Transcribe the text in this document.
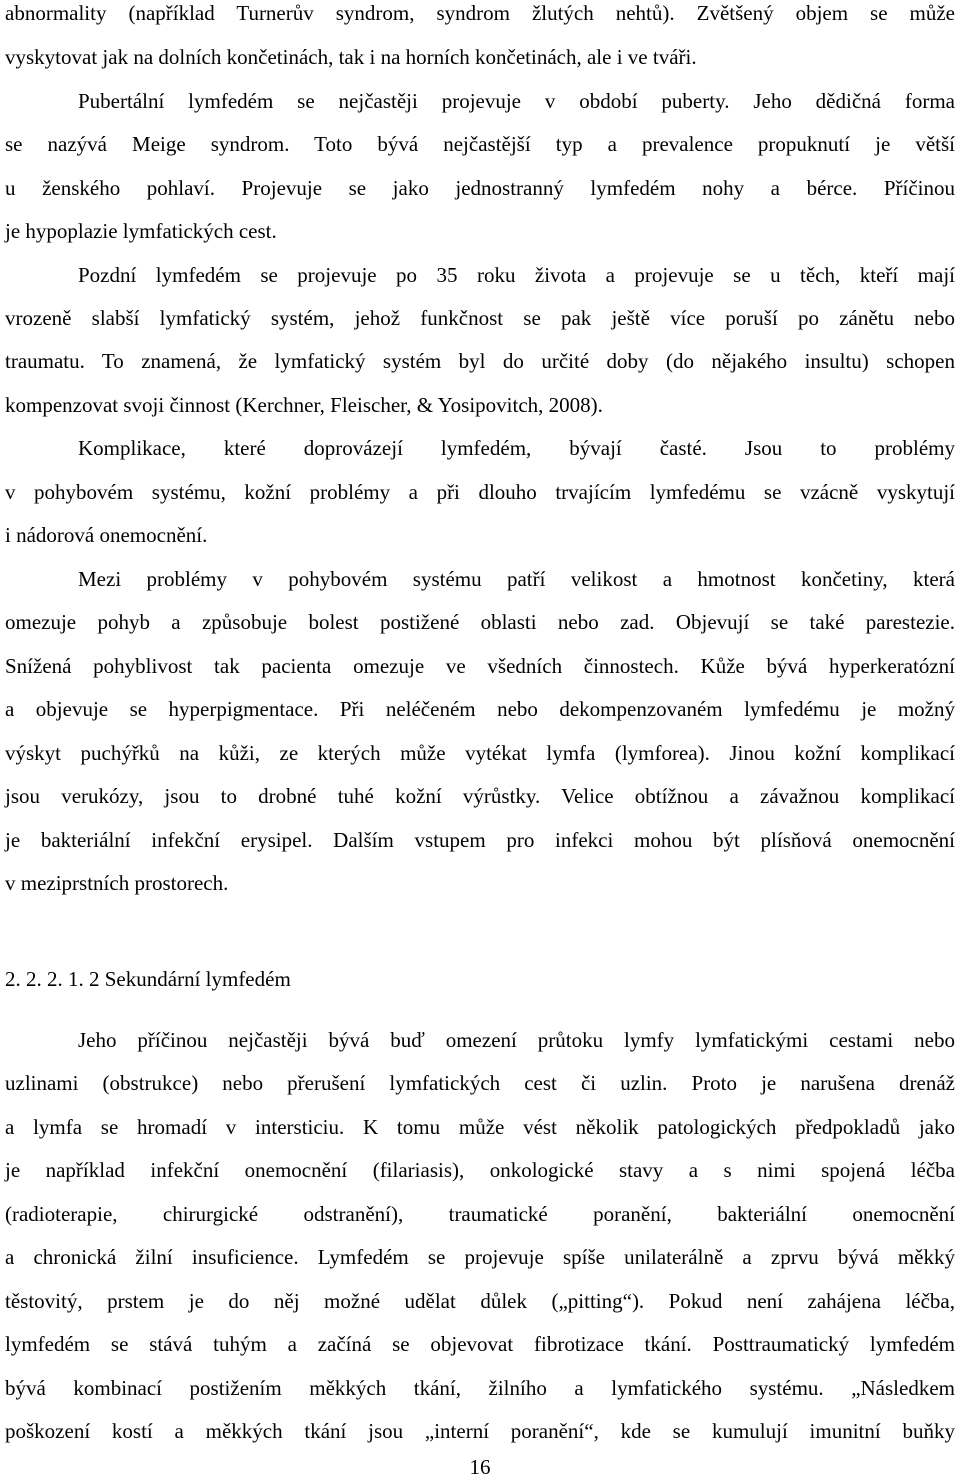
abnormality (například Turnerův syndrom, syndrom žlutých nehtů). Zvětšený objem se může
vyskytovat jak na dolních končetinách, tak i na horních končetinách, ale i ve tváři.
Pubertální lymfedém se nejčastěji projevuje v období puberty. Jeho dědičná forma
se nazývá Meige syndrom. Toto bývá nejčastější typ a prevalence propuknutí je větší
u ženského pohlaví. Projevuje se jako jednostranný lymfedém nohy a bérce. Příčinou
je hypoplazie lymfatických cest.
Pozdní lymfedém se projevuje po 35 roku života a projevuje se u těch, kteří mají
vrozeně slabší lymfatický systém, jehož funkčnost se pak ještě více poruší po zánětu nebo
traumatu. To znamená, že lymfatický systém byl do určité doby (do nějakého insultu) schopen
kompenzovat svoji činnost (Kerchner, Fleischer, & Yosipovitch, 2008).
Komplikace, které doprovázejí lymfedém, bývají časté. Jsou to problémy
v pohybovém systému, kožní problémy a při dlouho trvajícím lymfedému se vzácně vyskytují
i nádorová onemocnění.
Mezi problémy v pohybovém systému patří velikost a hmotnost končetiny, která
omezuje pohyb a způsobuje bolest postižené oblasti nebo zad. Objevují se také parestezie.
Snížená pohyblivost tak pacienta omezuje ve všedních činnostech. Kůže bývá hyperkeratózní
a objevuje se hyperpigmentace. Při neléčeném nebo dekompenzovaném lymfedému je možný
výskyt puchýřků na kůži, ze kterých může vytékat lymfa (lymforea). Jinou kožní komplikací
jsou verukózy, jsou to drobné tuhé kožní výrůstky. Velice obtížnou a závažnou komplikací
je bakteriální infekční erysipel. Dalším vstupem pro infekci mohou být plísňová onemocnění
v meziprstních prostorech.
2. 2. 2. 1. 2 Sekundární lymfedém
Jeho příčinou nejčastěji bývá buď omezení průtoku lymfy lymfatickými cestami nebo
uzlinami (obstrukce) nebo přerušení lymfatických cest či uzlin. Proto je narušena drenáž
a lymfa se hromadí v intersticiu. K tomu může vést několik patologických předpokladů jako
je například infekční onemocnění (filariasis), onkologické stavy a s nimi spojená léčba
(radioterapie, chirurgické odstranění), traumatické poranění, bakteriální onemocnění
a chronická žilní insuficience. Lymfedém se projevuje spíše unilaterálně a zprvu bývá měkký
těstovitý, prstem je do něj možné udělat důlek („pitting“). Pokud není zahájena léčba,
lymfedém se stává tuhým a začíná se objevovat fibrotizace tkání. Posttraumatický lymfedém
bývá kombinací postižením měkkých tkání, žilního a lymfatického systému. „Následkem
poškození kostí a měkkých tkání jsou „interní poranění“, kde se kumulují imunitní buňky
16
